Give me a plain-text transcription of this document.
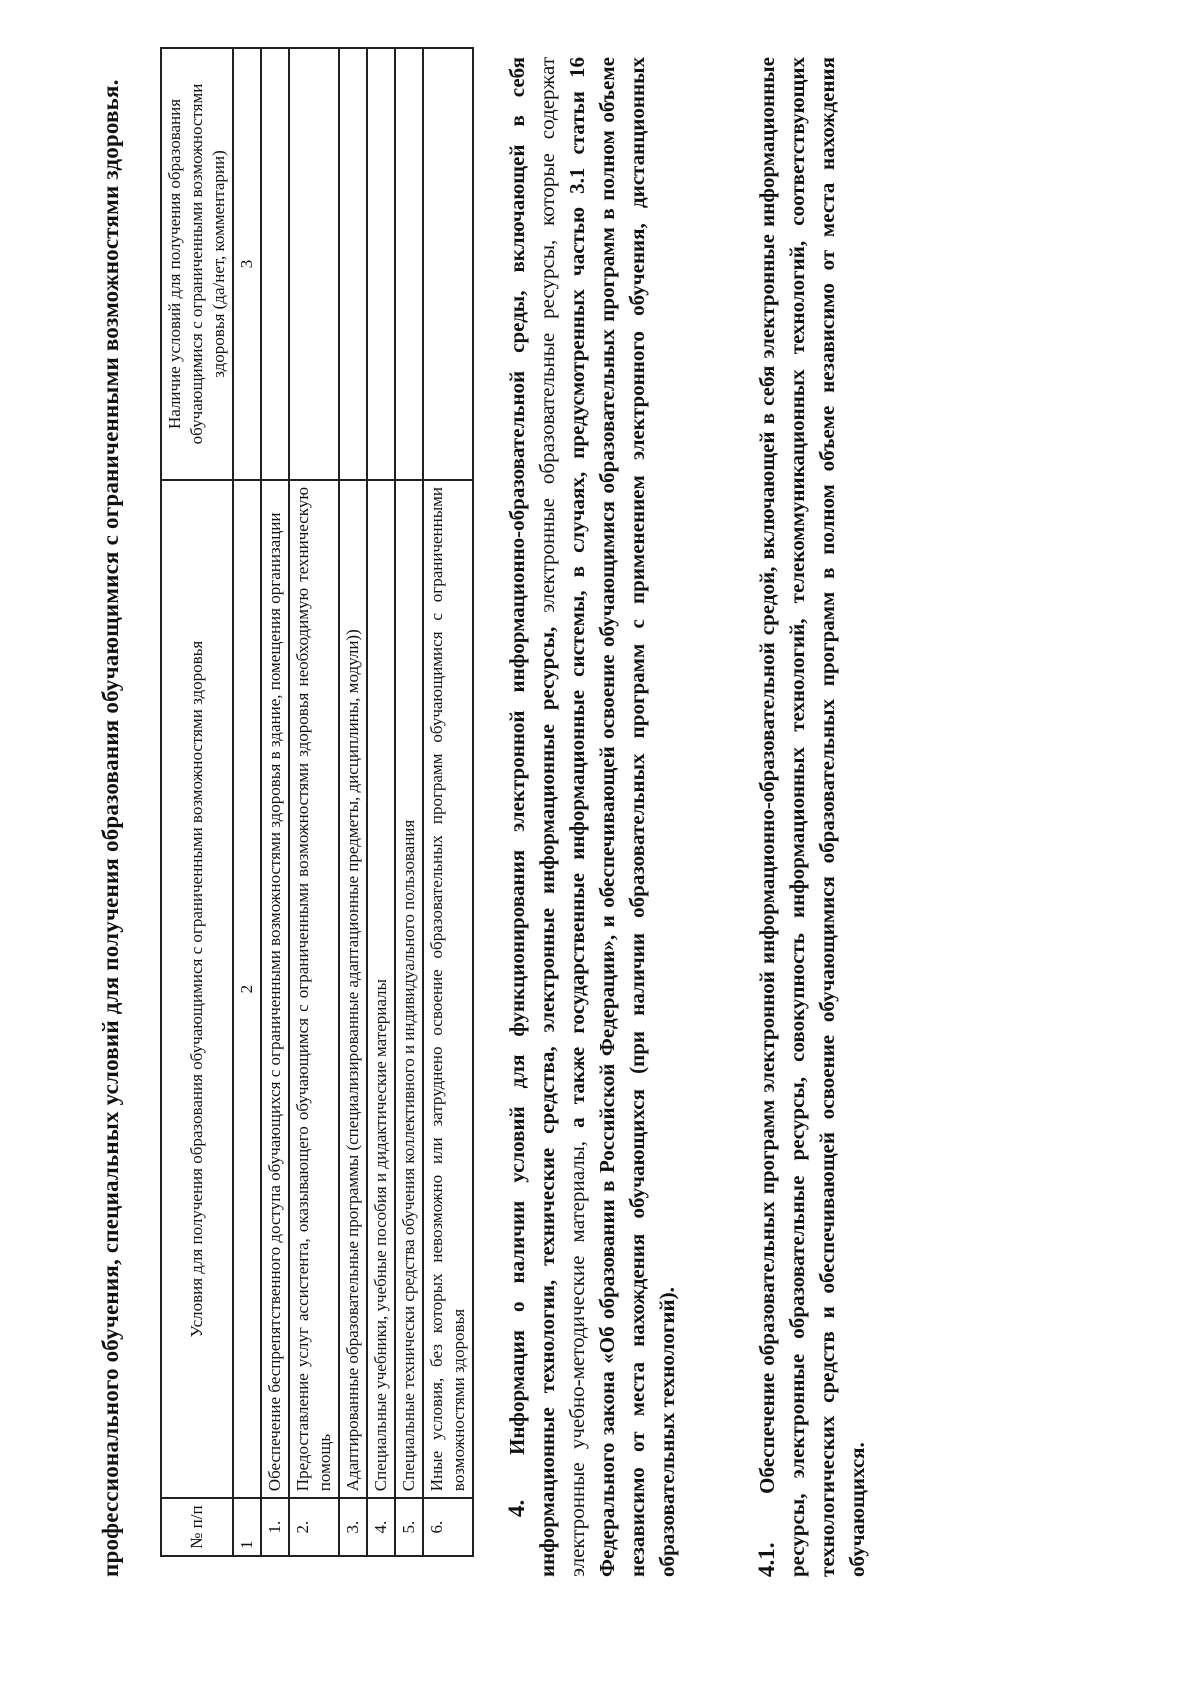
профессионального обучения, специальных условий для получения образования обучающимися с ограниченными возможностями здоровья.	№ п/п	Условия для получения образования обучающимися с ограниченными возможностями здоровья	Наличие условий для получения образования обучающимися с ограниченными возможностями здоровья (да/нет, комментарии)
1	2	3
1.	Обеспечение беспрепятственного доступа обучающихся с ограниченными возможностями здоровья в здание, помещения организации	
2.	Предоставление услуг ассистента, оказывающего обучающимся с ограниченными возможностями здоровья необходимую техническую помощь	
3.	Адаптированные образовательные программы (специализированные адаптационные предметы, дисциплины, модули))	
4.	Специальные учебники, учебные пособия и дидактические материалы	
5.	Специальные технически средства обучения коллективного и индивидуального пользования	
6.	Иные условия, без которых невозможно или затруднено освоение образовательных программ обучающимися с ограниченными возможностями здоровья	
4. Информация о наличии условий для функционирования электронной информационно-образовательной среды, включающей в себя информационные технологии, технические средства, электронные информационные ресурсы, электронные образовательные ресурсы, которые содержат электронные учебно-методические материалы, а также государственные информационные системы, в случаях, предусмотренных частью 3.1 статьи 16 Федерального закона «Об образовании в Российской Федерации», и обеспечивающей освоение обучающимися образовательных программ в полном объеме независимо от места нахождения обучающихся (при наличии образовательных программ с применением электронного обучения, дистанционных образовательных технологий).	4.1. Обеспечение образовательных программ электронной информационно-образовательной средой, включающей в себя электронные информационные ресурсы, электронные образовательные ресурсы, совокупность информационных технологий, телекоммуникационных технологий, соответствующих технологических средств и обеспечивающей освоение обучающимися образовательных программ в полном объеме независимо от места нахождения обучающихся.
